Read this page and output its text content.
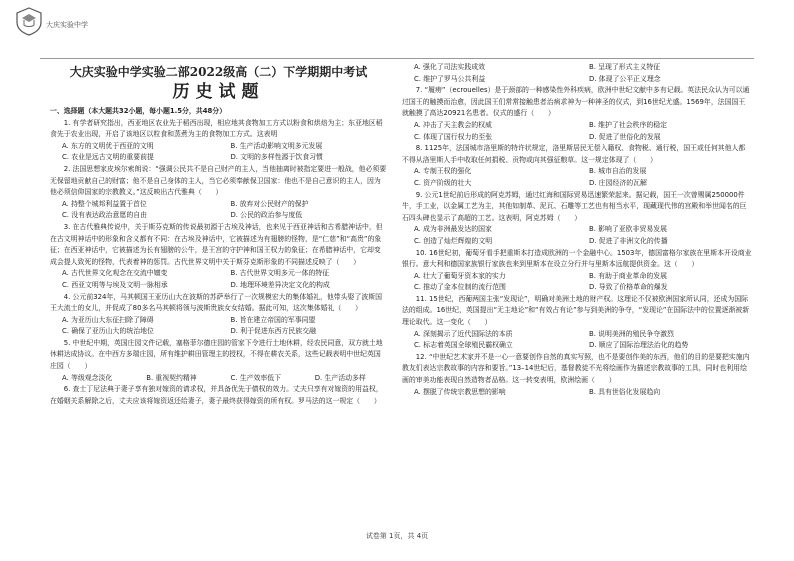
大庆实验中学
大庆实验中学实验二部2022级高（二）下学期期中考试
历史试题

一、选择题（本大题共32小题，每小题1.5分，共48分）

1. 有学者研究指出，西亚地区农业先于稻西出现，相应地其食物加工方式以粉食和烘焙为主；东亚地区稻食先于农业出现，开启了该地区以粒食和蒸煮为主的食物加工方式。这表明

A. 东方的文明优于西亚的文明	B. 生产活动影响文明多元发展
C. 农业是远古文明的重要前提	D. 文明的多样性源于饮食习惯

2. 法国思想家皮埃尔索朗说：“强调公民共不是自己财产的主人，当他抽离时被指定要进一般战，他必须要无保留地贡献自己的财富；他不是自己身体的主人，当它必须奉献保卫国家：他也不是自己意识的主人，因为他必须信仰国家的宗教教义。”这反映出古代雅典（　　）

A. 持整个城邦利益置于首位	B. 放弃对公民财产的保护
C. 没有表达政治意愿的自由	D. 公民的政治参与度低

3. 在古代雅典传说中，关于斯芬克斯的传说最初源于古埃及神话，也来见于西亚神话和古希腊神话中，但在古文明神话中的形象和含义都有不同：在古埃及神话中，它被描述为有翅膀的怪物，是“仁慈”和“高贵”的象征；在西亚神话中，它被描述为长有翅膀的公牛，是王宫的守护神和国王权力的象征；在希腊神话中，它却变成会提人致死的怪物，代表着神的惩罚。古代世界文明中关于斯芬克斯形象的不同描述反映了（　　）

A. 古代世界文化观念在交流中嬗变	B. 古代世界文明多元一体的特征
C. 西亚文明等与埃及文明一脉相承	D. 地理环境差异决定文化的构成

4. 公元前324年，马其顿国王亚历山大在波斯的苏萨举行了一次规模宏大的集体婚礼，他带头娶了波斯国王大流士的女儿，并促成了80多名马其顿将领与波斯贵族女女结婚。据此可知，这次集体婚礼（　　）

A. 为亚历山大东征扫除了障碍	B. 旨在建立帝国的军事同盟
C. 确保了亚历山大的统治地位	D. 利于促进东西方民族交融

5. 中世纪中期，英国庄园文件记载，塞格菲尔德庄园的管家下令进行土地休耕，经农民同意，双方就土地休耕达成协议。在中西方多瑞庄园，所有维护耕田管理主的授权，不得在耕农关系，这些记载表明中世纪英国庄园（　　）

A. 等级观念淡化	B. 重视契约精神	C. 生产效率低下	D. 生产活动多样

6. 查士丁尼法典于妻子享有独对嫁资的请求权，并具备优先于债权的效力。丈夫只享有对嫁资的用益权，在婚姻关系解除之后，丈夫应该将嫁资返还给妻子，妻子最终获得嫁资的所有权。罗马法的这一规定（　　）

A. 强化了司法实践成效	B. 呈现了形式主义特征
C. 维护了罗马公共利益	D. 体现了公平正义理念

7. “履痨”（ecrouelles）是于颈部的一种感染性外科疾病，欧洲中世纪文献中多有记载。英法民众认为可以通过国王的触摸而治愈，因此国王们常常接触患者治病求神为一种神圣的仪式，到16世纪尤盛。1569年，法国国王就触摸了高达20921名患者。仪式的盛行（　　）

A. 冲击了天主教会的权威	B. 维护了社会秩序的稳定
C. 体现了国行权力的至张	D. 促进了世俗化的发展

8. 1125年，法国城市洛里斯的特许状规定，洛里斯居民无偿入籍权、食物税、通行税，国王或任何其他人都不得从洛里斯人手中收取任何捐税、贡物或向其强征粮草。这一规定体现了（　　）

A. 专制王权的强化	B. 城市自治的发展
C. 资产阶级的壮大	D. 庄园经济的瓦解

9. 公元1世纪前后形成的阿克苏姆，通过红海和国际贸易迅速繁荣起来。据记载，国王一次曾赐属250000件牛，手工业，以金属工艺为主，其他如制革、泥瓦、石雕等工艺也有相当水平，现藏现代伟的宫殿和举世闻名的巨石四头碑也显示了高超的工艺。这表明，阿克苏姆（　　）

A. 成为非洲最发达的国家	B. 影响了亚欧非贸易发展
C. 创造了灿烂辉煌的文明	D. 促进了非洲文化的传播

10. 16世纪初，葡萄牙看手把重斯本打造成欧洲的一个金融中心。1503年，德国富格尔家族在里斯本开设商业银行。意大利和德国家族银行家族也来到里斯本在设立分行并与里斯本远航提供资金。这（　　）

A. 壮大了葡萄牙资本家的实力	B. 有助于商业革命的发展
C. 推动了金本位制的流行范围	D. 导致了价格革命的爆发

11. 15世纪，西葡两国主张“发现论”，明确对美洲土地的财产权。这理论不仅被欧洲国家所认同，还成为国际法的组成。16世纪，英国提出“无主地论”和“有效占有论”参与到美洲的争夺，“发现论”在国际法中的位置逐渐被新理论取代。这一变化（　　）

A. 深刻揭示了近代国际法的本质	B. 说明美洲的殖民争夺激烈
C. 标志着英国全球殖民霸权确立	D. 顺应了国际治理法治化的趋势

12. “中世纪艺术家并不是一心一意要创作自然的真实写照，也不是要创作美的东西，他们的目的是要把实施内教友们表达宗教故事的内容和要旨。”13–14世纪后，基督教徒不光将绘画作为描述宗教故事的工具，同时也利用绘画的审美功能表现自然造物者品格。这一转变表明，欧洲绘画（　　）

A. 摆脱了传统宗教思想的影响	B. 具有世俗化发展趋向
试卷第 1页，共 4页
